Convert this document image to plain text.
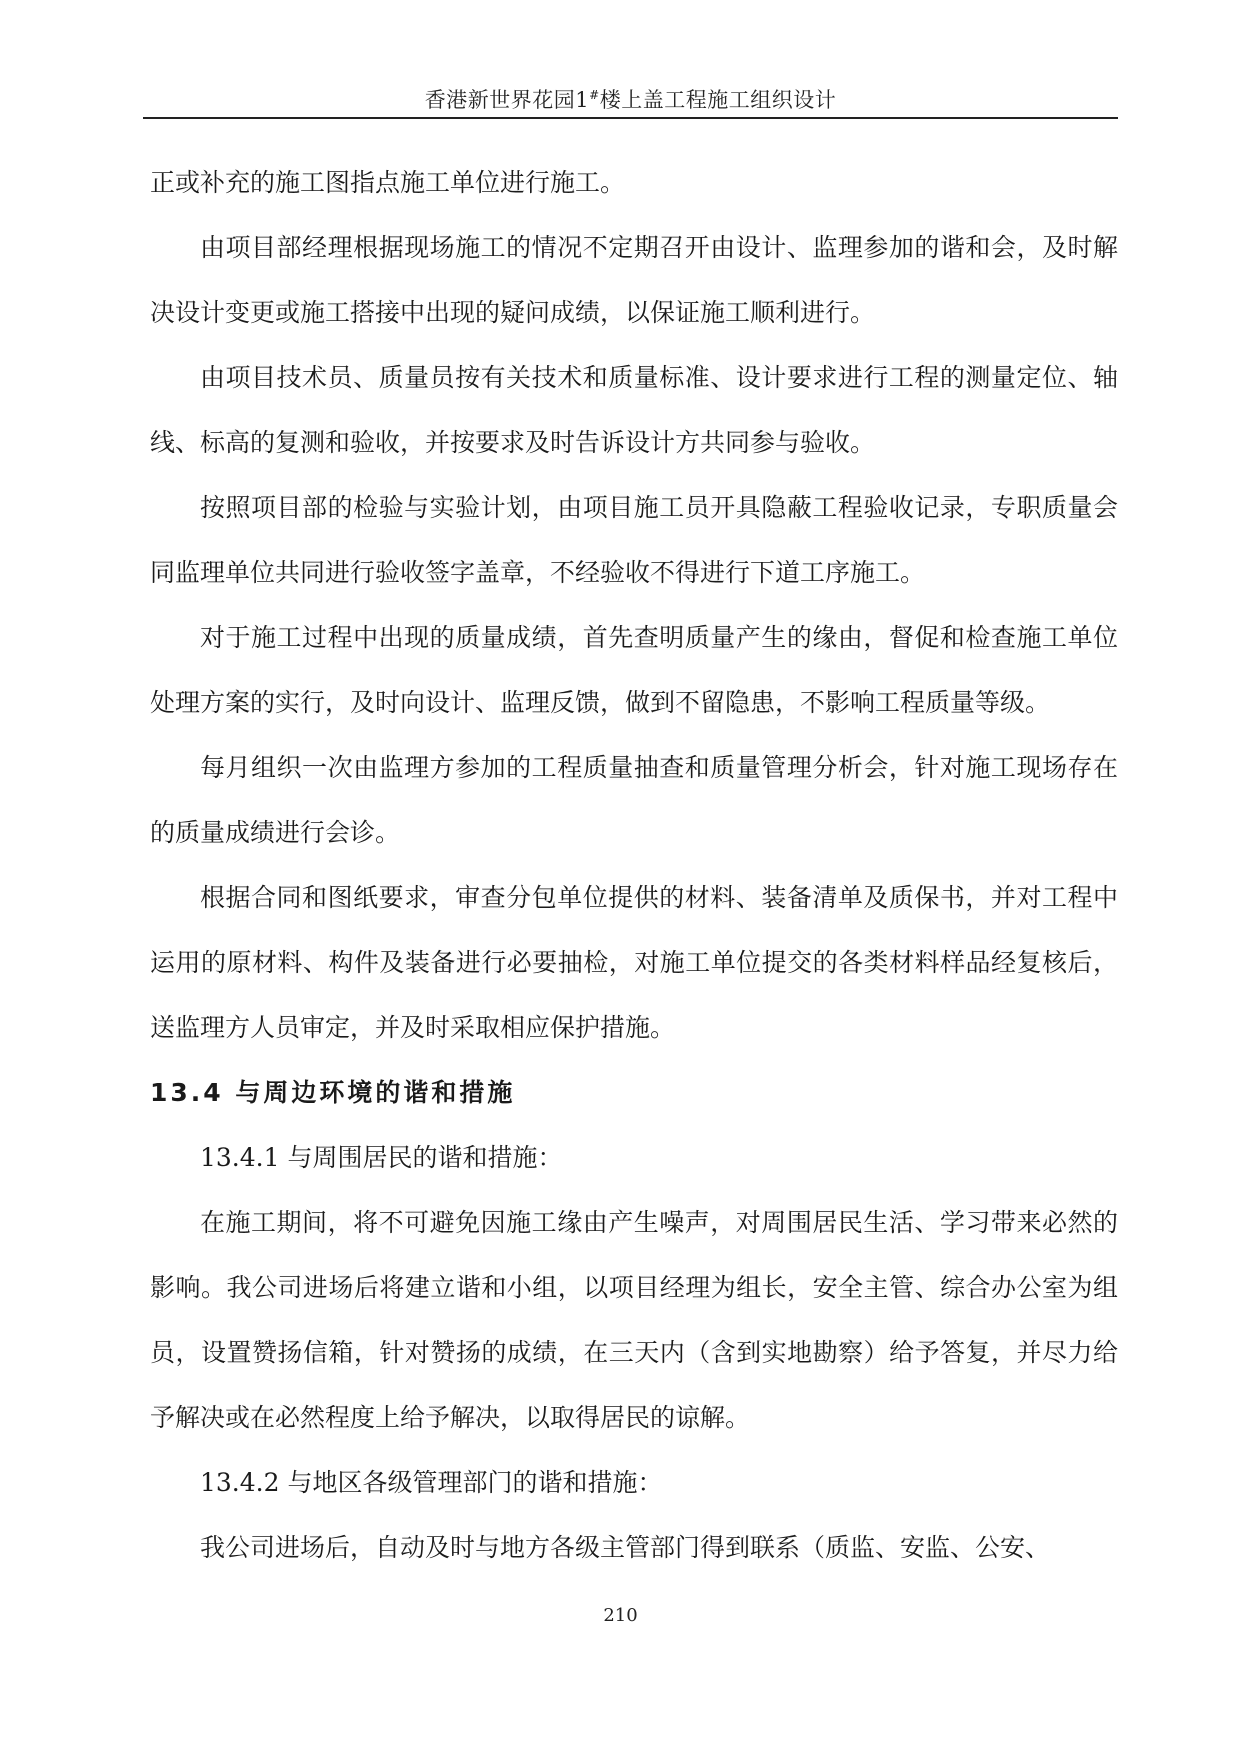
香港新世界花园1#楼上盖工程施工组织设计

正或补充的施工图指点施工单位进行施工。

由项目部经理根据现场施工的情况不定期召开由设计、监理参加的谐和会，及时解决设计变更或施工搭接中出现的疑问成绩，以保证施工顺利进行。

由项目技术员、质量员按有关技术和质量标准、设计要求进行工程的测量定位、轴线、标高的复测和验收，并按要求及时告诉设计方共同参与验收。

按照项目部的检验与实验计划，由项目施工员开具隐蔽工程验收记录，专职质量会同监理单位共同进行验收签字盖章，不经验收不得进行下道工序施工。

对于施工过程中出现的质量成绩，首先查明质量产生的缘由，督促和检查施工单位处理方案的实行，及时向设计、监理反馈，做到不留隐患，不影响工程质量等级。

每月组织一次由监理方参加的工程质量抽查和质量管理分析会，针对施工现场存在的质量成绩进行会诊。

根据合同和图纸要求，审查分包单位提供的材料、装备清单及质保书，并对工程中运用的原材料、构件及装备进行必要抽检，对施工单位提交的各类材料样品经复核后，送监理方人员审定，并及时采取相应保护措施。

13.4 与周边环境的谐和措施

13.4.1 与周围居民的谐和措施：

在施工期间，将不可避免因施工缘由产生噪声，对周围居民生活、学习带来必然的影响。我公司进场后将建立谐和小组，以项目经理为组长，安全主管、综合办公室为组员，设置赞扬信箱，针对赞扬的成绩，在三天内（含到实地勘察）给予答复，并尽力给予解决或在必然程度上给予解决，以取得居民的谅解。

13.4.2 与地区各级管理部门的谐和措施：

我公司进场后，自动及时与地方各级主管部门得到联系（质监、安监、公安、

210
